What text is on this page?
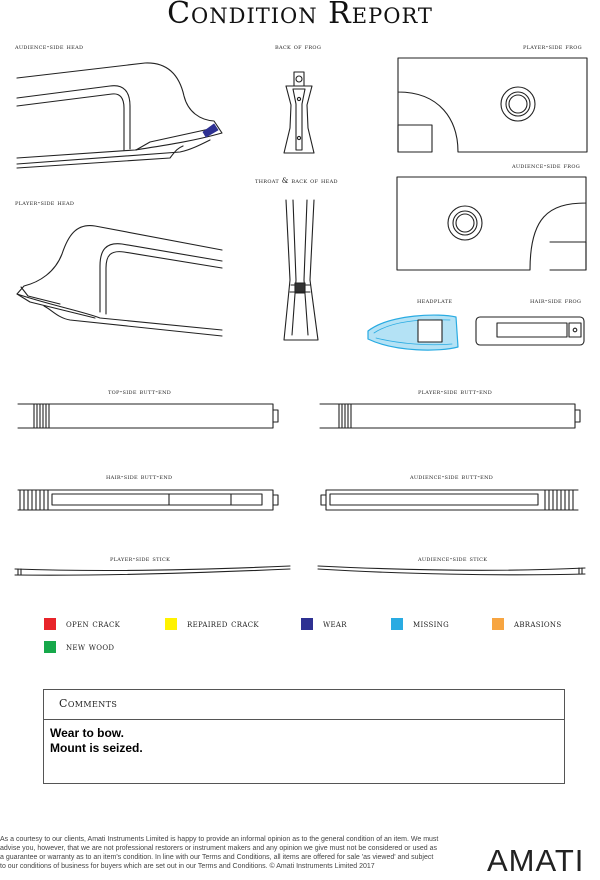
Condition Report
audience-side head	back of frog	player-side frog
audience-side frog
throat & back of head
player-side head
headplate	hair-side frog
top-side butt-end	player-side butt-end
hair-side butt-end	audience-side butt-end
player-side stick	audience-side stick
open crack	repaired crack	wear	missing	abrasions
new wood
Comments
Wear to bow.
Mount is seized.
As a courtesy to our clients, Amati Instruments Limited is happy to provide an informal opinion as to the general condition of an item. We must advise you, however, that we are not professional restorers or instrument makers and any opinion we give must not be considered or used as a guarantee or warranty as to an item's condition. In line with our Terms and Conditions, all items are offered for sale 'as viewed' and subject to our conditions of business for buyers which are set out in our Terms and Conditions. © Amati Instruments Limited 2017	AMATI
